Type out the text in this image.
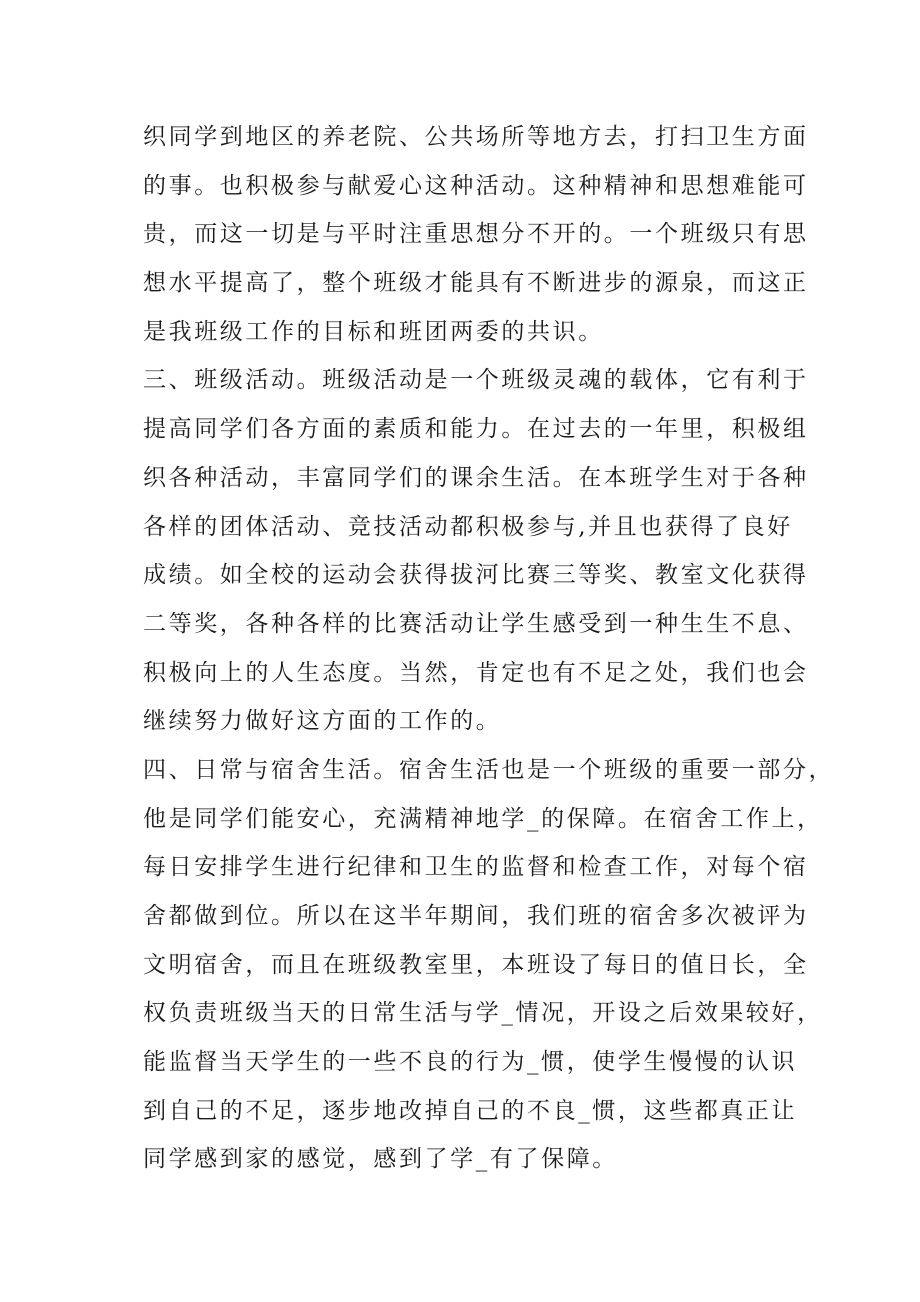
织同学到地区的养老院、公共场所等地方去，打扫卫生方面
的事。也积极参与献爱心这种活动。这种精神和思想难能可
贵，而这一切是与平时注重思想分不开的。一个班级只有思
想水平提高了，整个班级才能具有不断进步的源泉，而这正
是我班级工作的目标和班团两委的共识。
三、班级活动。班级活动是一个班级灵魂的载体，它有利于
提高同学们各方面的素质和能力。在过去的一年里，积极组
织各种活动，丰富同学们的课余生活。在本班学生对于各种
各样的团体活动、竞技活动都积极参与,并且也获得了良好
成绩。如全校的运动会获得拔河比赛三等奖、教室文化获得
二等奖，各种各样的比赛活动让学生感受到一种生生不息、
积极向上的人生态度。当然，肯定也有不足之处，我们也会
继续努力做好这方面的工作的。
四、日常与宿舍生活。宿舍生活也是一个班级的重要一部分，
他是同学们能安心，充满精神地学_的保障。在宿舍工作上，
每日安排学生进行纪律和卫生的监督和检查工作，对每个宿
舍都做到位。所以在这半年期间，我们班的宿舍多次被评为
文明宿舍，而且在班级教室里，本班设了每日的值日长，全
权负责班级当天的日常生活与学_情况，开设之后效果较好，
能监督当天学生的一些不良的行为_惯，使学生慢慢的认识
到自己的不足，逐步地改掉自己的不良_惯，这些都真正让
同学感到家的感觉，感到了学_有了保障。
